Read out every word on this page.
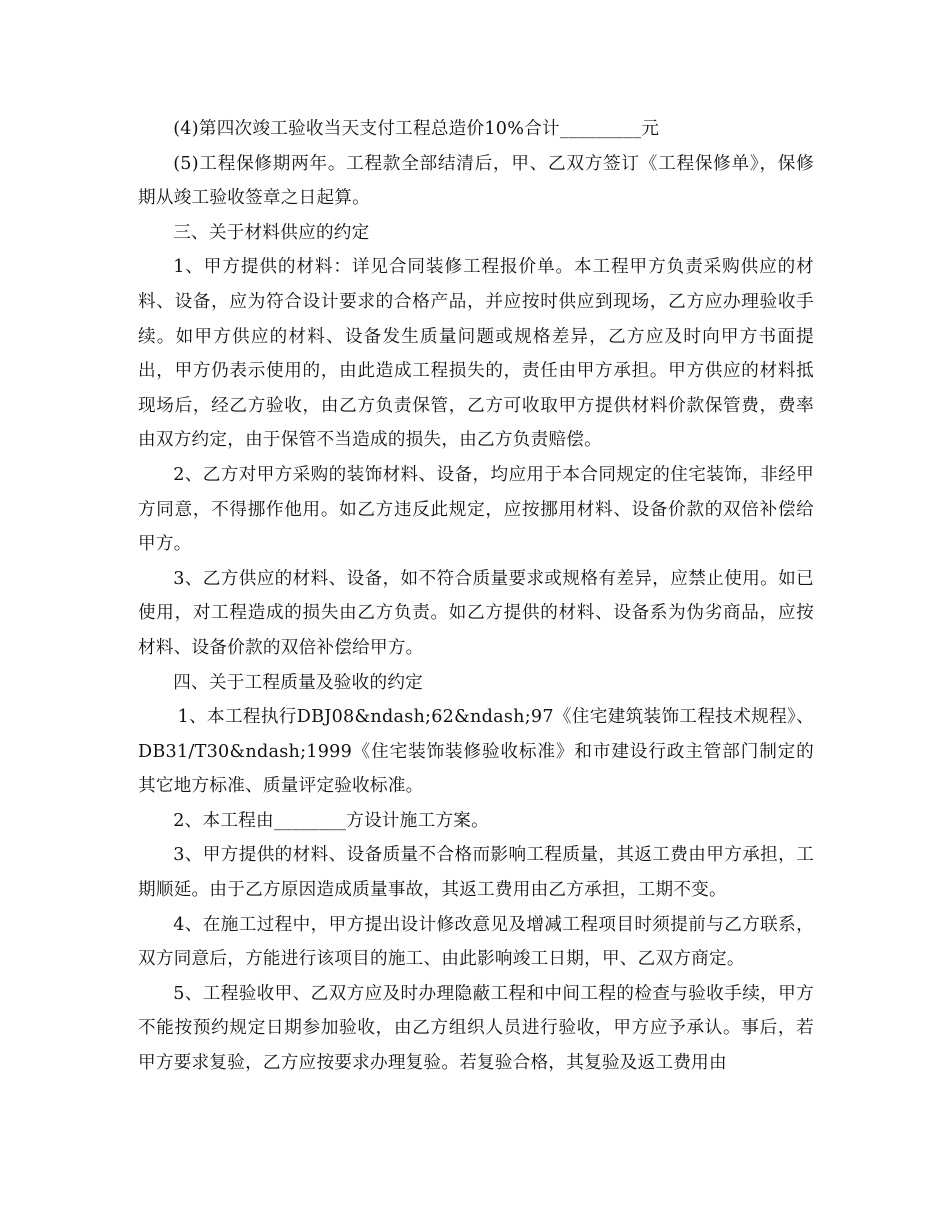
(4)第四次竣工验收当天支付工程总造价10%合计_________元

(5)工程保修期两年。工程款全部结清后，甲、乙双方签订《工程保修单》，保修期从竣工验收签章之日起算。

三、关于材料供应的约定

1、甲方提供的材料：详见合同装修工程报价单。本工程甲方负责采购供应的材料、设备，应为符合设计要求的合格产品，并应按时供应到现场，乙方应办理验收手续。如甲方供应的材料、设备发生质量问题或规格差异，乙方应及时向甲方书面提出，甲方仍表示使用的，由此造成工程损失的，责任由甲方承担。甲方供应的材料抵现场后，经乙方验收，由乙方负责保管，乙方可收取甲方提供材料价款保管费，费率由双方约定，由于保管不当造成的损失，由乙方负责赔偿。

2、乙方对甲方采购的装饰材料、设备，均应用于本合同规定的住宅装饰，非经甲方同意，不得挪作他用。如乙方违反此规定，应按挪用材料、设备价款的双倍补偿给甲方。

3、乙方供应的材料、设备，如不符合质量要求或规格有差异，应禁止使用。如已使用，对工程造成的损失由乙方负责。如乙方提供的材料、设备系为伪劣商品，应按材料、设备价款的双倍补偿给甲方。

四、关于工程质量及验收的约定

1、本工程执行DBJ08&ndash;62&ndash;97《住宅建筑装饰工程技术规程》、DB31/T30&ndash;1999《住宅装饰装修验收标准》和市建设行政主管部门制定的其它地方标准、质量评定验收标准。

2、本工程由________方设计施工方案。

3、甲方提供的材料、设备质量不合格而影响工程质量，其返工费由甲方承担，工期顺延。由于乙方原因造成质量事故，其返工费用由乙方承担，工期不变。

4、在施工过程中，甲方提出设计修改意见及增减工程项目时须提前与乙方联系，双方同意后，方能进行该项目的施工、由此影响竣工日期，甲、乙双方商定。

5、工程验收甲、乙双方应及时办理隐蔽工程和中间工程的检查与验收手续，甲方不能按预约规定日期参加验收，由乙方组织人员进行验收，甲方应予承认。事后，若甲方要求复验，乙方应按要求办理复验。若复验合格，其复验及返工费用由
